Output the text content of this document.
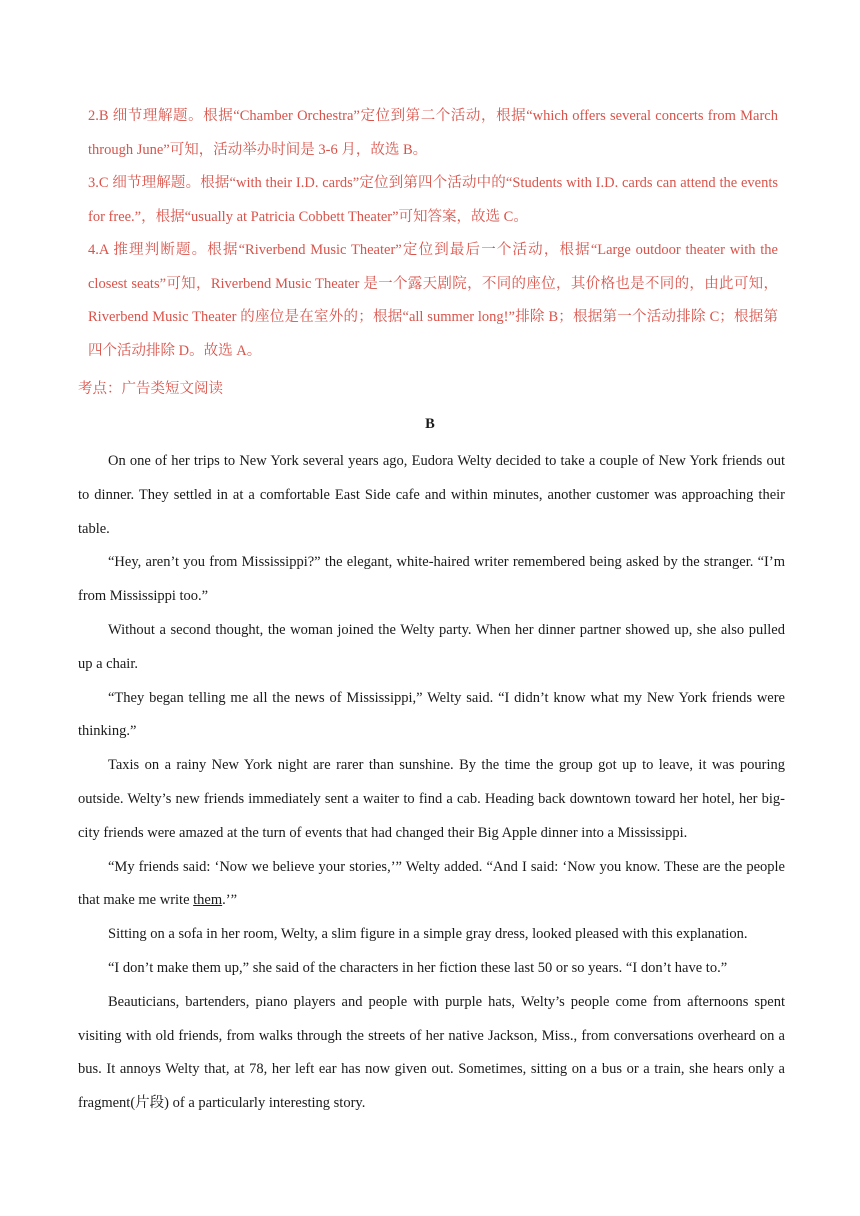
2.B 细节理解题。根据“Chamber Orchestra”定位到第二个活动，根据“which offers several concerts from March through June”可知，活动举办时间是 3-6 月，故选 B。

3.C 细节理解题。根据“with their I.D. cards”定位到第四个活动中的“Students with I.D. cards can attend the events for free.”，根据“usually at Patricia Cobbett Theater”可知答案，故选 C。

4.A 推理判断题。根据“Riverbend Music Theater”定位到最后一个活动，根据“Large outdoor theater with the closest seats”可知，Riverbend Music Theater 是一个露天剧院，不同的座位，其价格也是不同的，由此可知，Riverbend Music Theater 的座位是在室外的；根据“all summer long!”排除 B；根据第一个活动排除 C；根据第四个活动排除 D。故选 A。

考点：广告类短文阅读
B

On one of her trips to New York several years ago, Eudora Welty decided to take a couple of New York friends out to dinner. They settled in at a comfortable East Side cafe and within minutes, another customer was approaching their table.

“Hey, aren’t you from Mississippi?” the elegant, white-haired writer remembered being asked by the stranger. “I’m from Mississippi too.”

Without a second thought, the woman joined the Welty party. When her dinner partner showed up, she also pulled up a chair.

“They began telling me all the news of Mississippi,” Welty said. “I didn’t know what my New York friends were thinking.”

Taxis on a rainy New York night are rarer than sunshine. By the time the group got up to leave, it was pouring outside. Welty’s new friends immediately sent a waiter to find a cab. Heading back downtown toward her hotel, her big-city friends were amazed at the turn of events that had changed their Big Apple dinner into a Mississippi.

“My friends said: ‘Now we believe your stories,’” Welty added. “And I said: ‘Now you know. These are the people that make me write them.’”

Sitting on a sofa in her room, Welty, a slim figure in a simple gray dress, looked pleased with this explanation.

“I don’t make them up,” she said of the characters in her fiction these last 50 or so years. “I don’t have to.”

Beauticians, bartenders, piano players and people with purple hats, Welty’s people come from afternoons spent visiting with old friends, from walks through the streets of her native Jackson, Miss., from conversations overheard on a bus. It annoys Welty that, at 78, her left ear has now given out. Sometimes, sitting on a bus or a train, she hears only a fragment(片段) of a particularly interesting story.
